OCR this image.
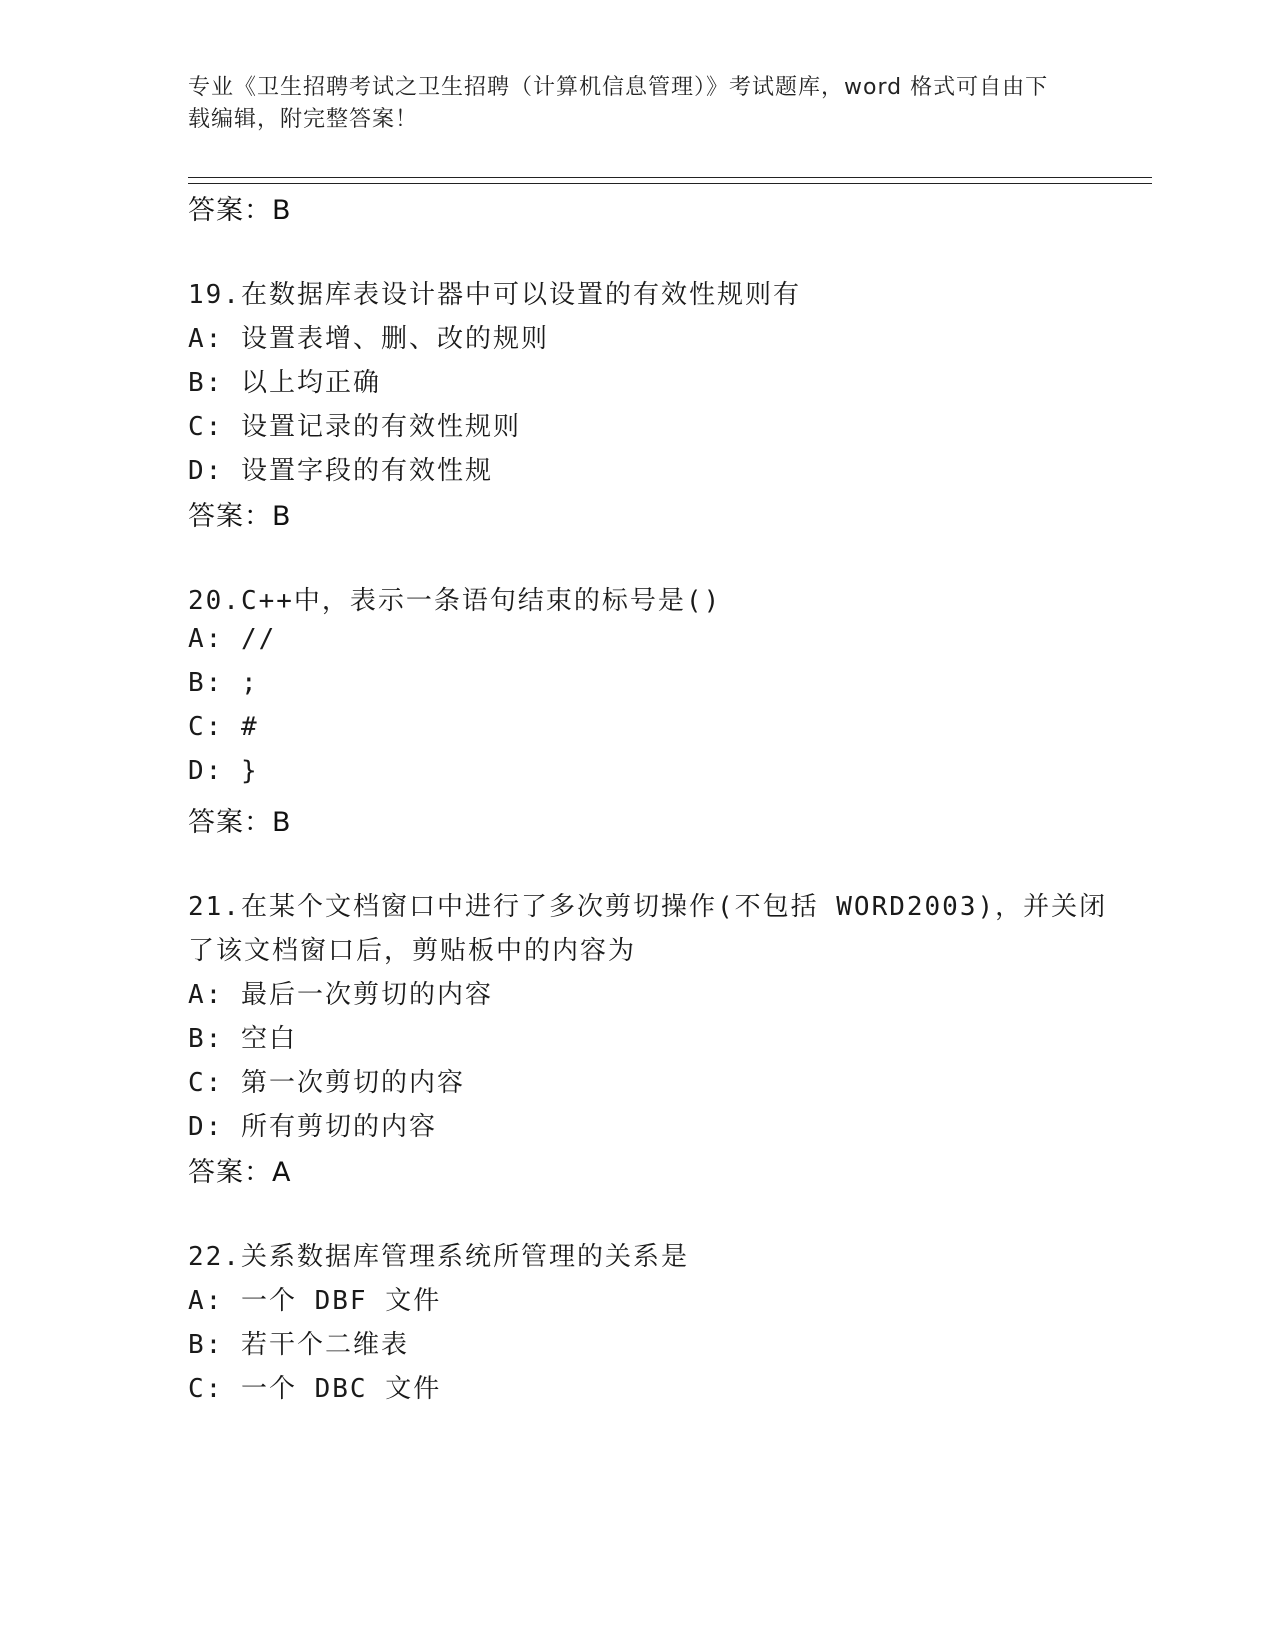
专业《卫生招聘考试之卫生招聘（计算机信息管理）》考试题库，word 格式可自由下载编辑，附完整答案！
答案：B
19.在数据库表设计器中可以设置的有效性规则有
A: 设置表增、删、改的规则
B: 以上均正确
C: 设置记录的有效性规则
D: 设置字段的有效性规
答案：B
20.C++中，表示一条语句结束的标号是()
A: //
B: ;
C: #
D: }
答案：B
21.在某个文档窗口中进行了多次剪切操作(不包括 WORD2003)，并关闭
了该文档窗口后，剪贴板中的内容为
A: 最后一次剪切的内容
B: 空白
C: 第一次剪切的内容
D: 所有剪切的内容
答案：A
22.关系数据库管理系统所管理的关系是
A: 一个 DBF 文件
B: 若干个二维表
C: 一个 DBC 文件
